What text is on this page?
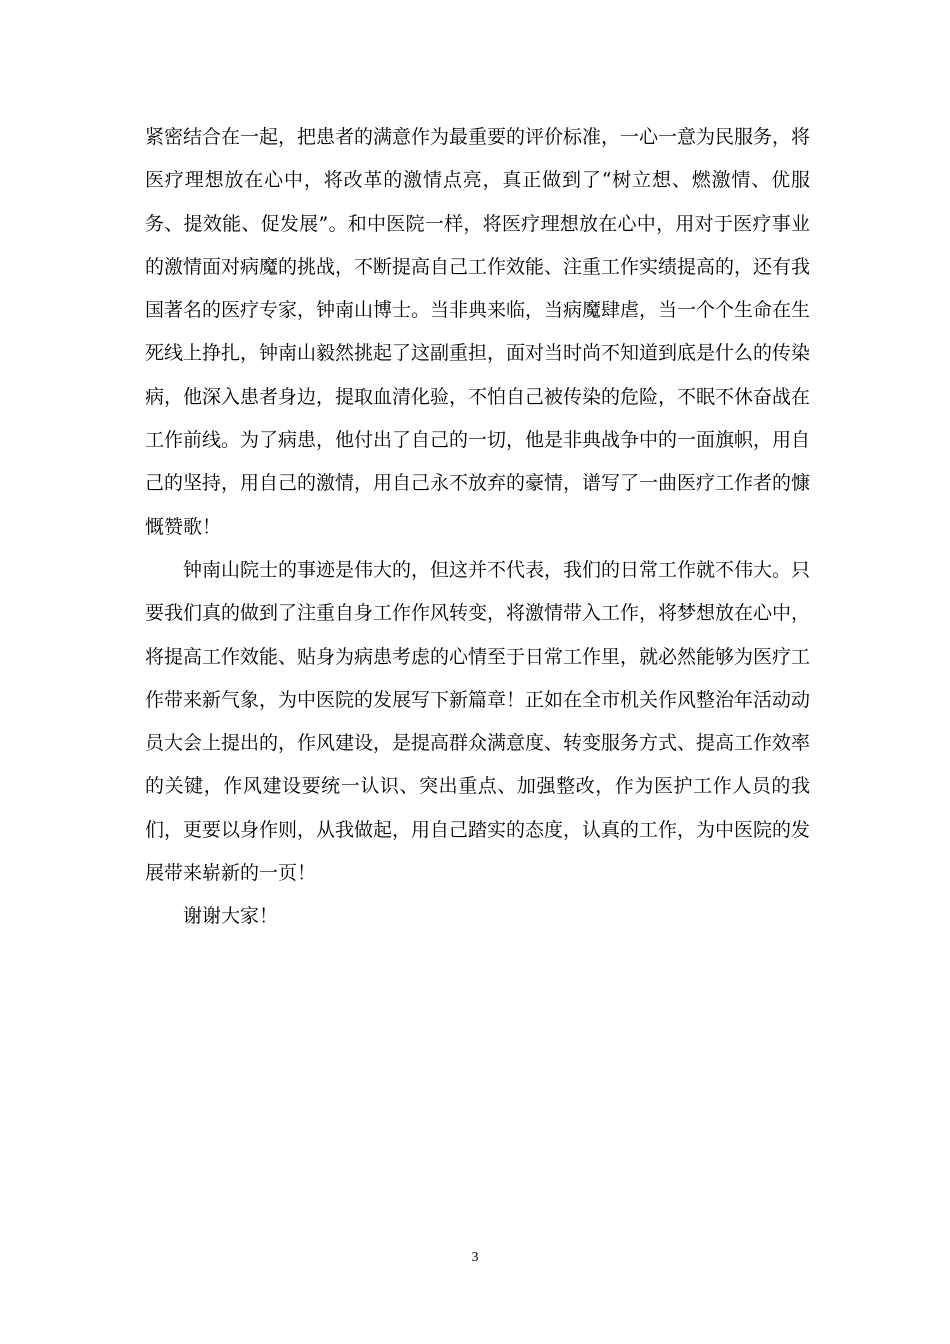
紧密结合在一起，把患者的满意作为最重要的评价标准，一心一意为民服务，将医疗理想放在心中，将改革的激情点亮，真正做到了“树立想、燃激情、优服务、提效能、促发展”。和中医院一样，将医疗理想放在心中，用对于医疗事业的激情面对病魔的挑战，不断提高自己工作效能、注重工作实绩提高的，还有我国著名的医疗专家，钟南山博士。当非典来临，当病魔肆虐，当一个个生命在生死线上挣扎，钟南山毅然挑起了这副重担，面对当时尚不知道到底是什么的传染病，他深入患者身边，提取血清化验，不怕自己被传染的危险，不眠不休奋战在工作前线。为了病患，他付出了自己的一切，他是非典战争中的一面旗帜，用自己的坚持，用自己的激情，用自己永不放弃的豪情，谱写了一曲医疗工作者的慷慨赞歌！

钟南山院士的事迹是伟大的，但这并不代表，我们的日常工作就不伟大。只要我们真的做到了注重自身工作作风转变，将激情带入工作，将梦想放在心中，将提高工作效能、贴身为病患考虑的心情至于日常工作里，就必然能够为医疗工作带来新气象，为中医院的发展写下新篇章！正如在全市机关作风整治年活动动员大会上提出的，作风建设，是提高群众满意度、转变服务方式、提高工作效率的关键，作风建设要统一认识、突出重点、加强整改，作为医护工作人员的我们，更要以身作则，从我做起，用自己踏实的态度，认真的工作，为中医院的发展带来崭新的一页！

谢谢大家！

3
